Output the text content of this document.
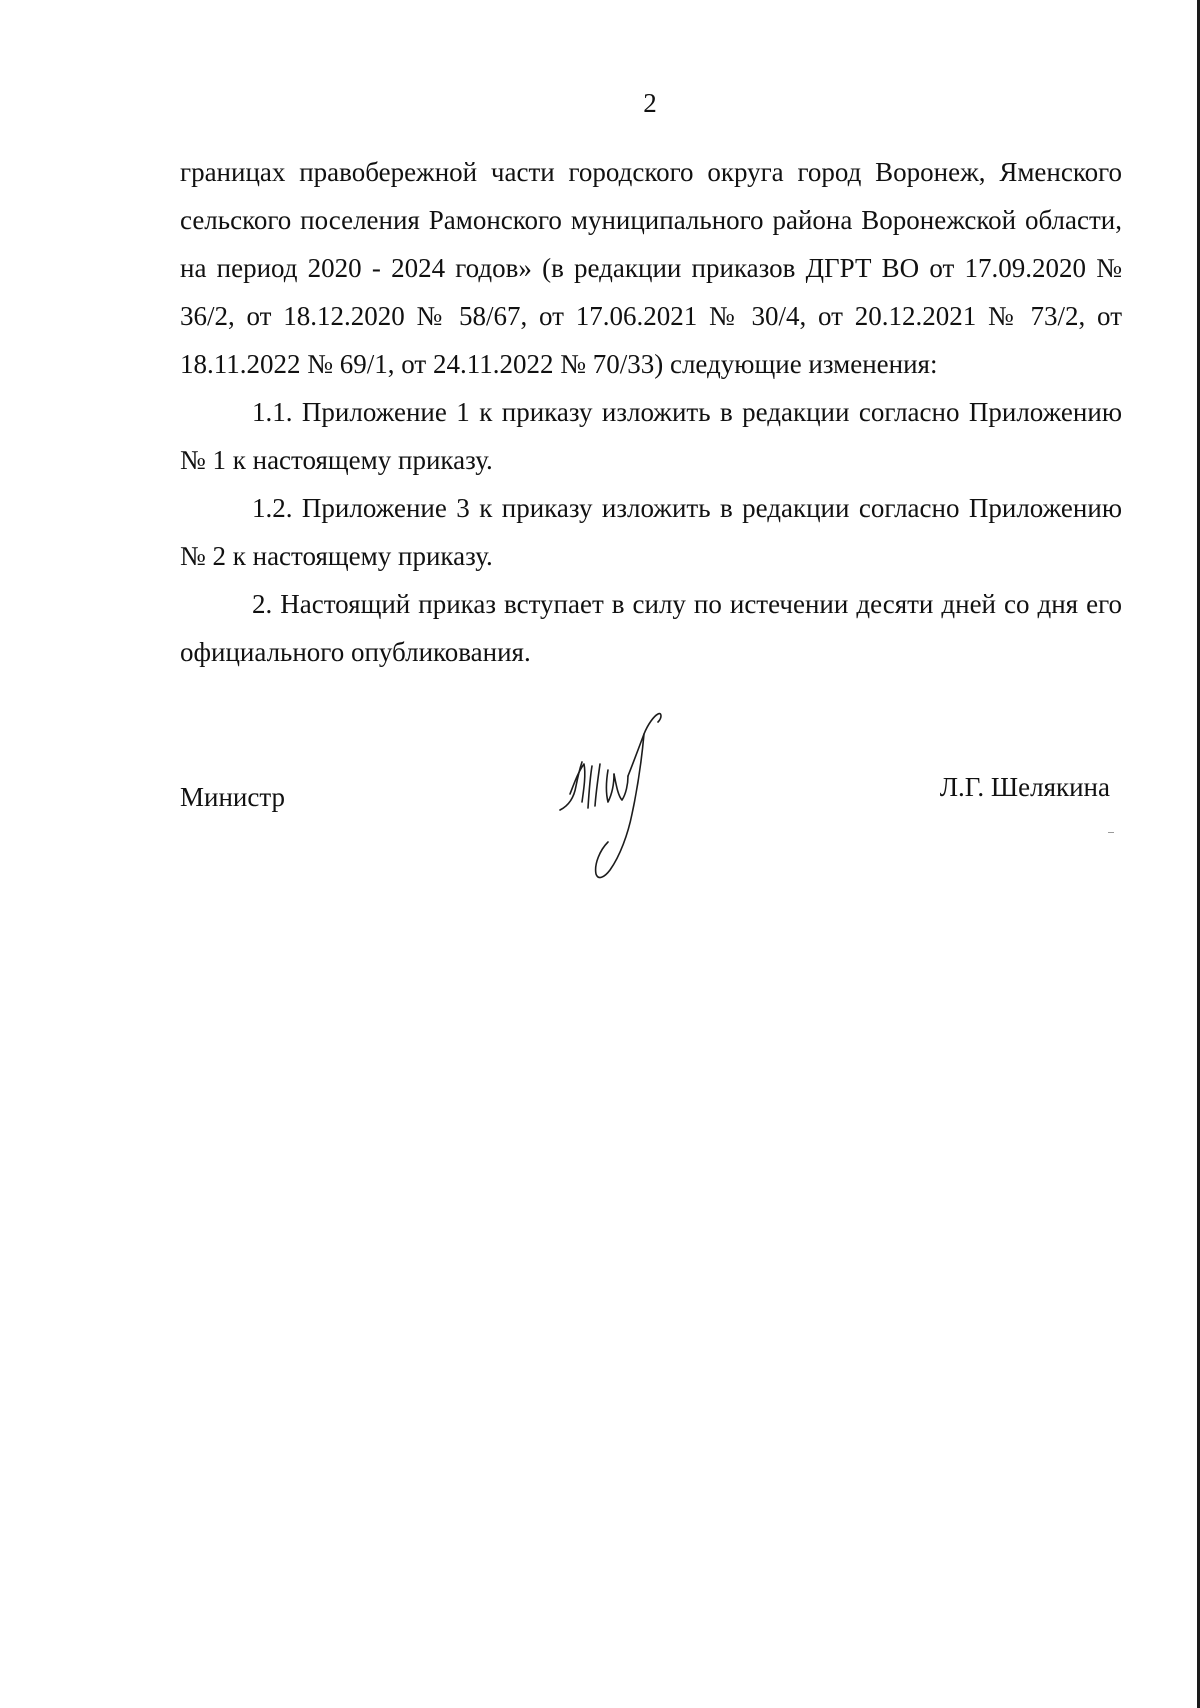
2

границах правобережной части городского округа город Воронеж, Яменского сельского поселения Рамонского муниципального района Воронежской области, на период 2020 - 2024 годов» (в редакции приказов ДГРТ ВО от 17.09.2020 № 36/2, от 18.12.2020 № 58/67, от 17.06.2021 № 30/4, от 20.12.2021 № 73/2, от 18.11.2022 № 69/1, от 24.11.2022 № 70/33) следующие изменения:

1.1. Приложение 1 к приказу изложить в редакции согласно Приложению № 1 к настоящему приказу.

1.2. Приложение 3 к приказу изложить в редакции согласно Приложению № 2 к настоящему приказу.

2. Настоящий приказ вступает в силу по истечении десяти дней со дня его официального опубликования.

Министр	Л.Г. Шелякина
